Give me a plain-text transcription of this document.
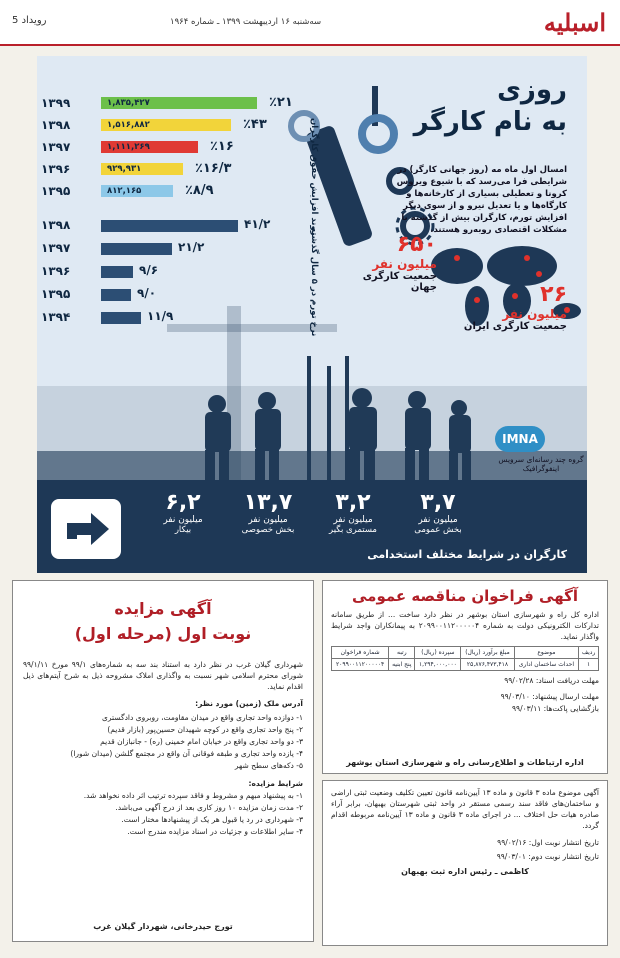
اسبلیه
سه‌شنبه ۱۶ اردیبهشت ۱۳۹۹ ـ شماره ۱۹۶۴
رویداد 5
روزی
به نام کارگر
امسال اول ماه مه (روز جهانی کارگر) در شرایطی فرا می‌رسد که با شیوع ویروس کرونا و تعطیلی بسیاری از کارخانه‌ها و کارگاه‌ها و یا تعدیل نیرو و از سوی دیگر افزایش تورم، کارگران بیش از گذشته با مشکلات اقتصادی روبه‌رو هستند.
۶۵۰
میلیون نفر
جمعیت کارگری جهان	۲۶
میلیون نفر
جمعیت کارگری ایران
روند افزایش حقوق کارگران
نرخ تورم در ۵ سال گذشته
۱۳۹۹	۱,۸۳۵,۴۲۷	٪۲۱
۱۳۹۸	۱,۵۱۶,۸۸۲	٪۴۳
۱۳۹۷	۱,۱۱۱,۲۶۹	٪۱۶
۱۳۹۶	۹۲۹,۹۳۱	٪۱۶/۳
۱۳۹۵	۸۱۲,۱۶۵	٪۸/۹
۱۳۹۸	۴۱/۲
۱۳۹۷	۲۱/۲
۱۳۹۶	۹/۶
۱۳۹۵	۹/۰
۱۳۹۴	۱۱/۹
IMNA
گروه چند رسانه‌ای سرویس اینفوگرافیک
۳,۷
میلیون نفر
بخش عمومی
۳,۲
میلیون نفر
مستمری بگیر
۱۳,۷
میلیون نفر
بخش خصوصی
۶,۲
میلیون نفر
بیکار
کارگران در شرایط مختلف استخدامی
آگهی فراخوان مناقصه عمومی
اداره کل راه و شهرسازی استان بوشهر در نظر دارد ساخت ... از طریق سامانه تدارکات الکترونیکی دولت به شماره ۲۰۹۹۰۰۱۱۲۰۰۰۰۰۴ به پیمانکاران واجد شرایط واگذار نماید.
ردیف	موضوع	مبلغ برآورد (ریال)	سپرده (ریال)	رتبه	شماره فراخوان
۱	احداث ساختمان اداری	۲۵,۸۷۶,۴۷۳,۴۱۸	۱,۲۹۴,۰۰۰,۰۰۰	پنج ابنیه	۲۰۹۹۰۰۱۱۲۰۰۰۰۰۴
مهلت دریافت اسناد: ۹۹/۰۲/۲۸
مهلت ارسال پیشنهاد: ۹۹/۰۳/۱۰
بازگشایی پاکت‌ها: ۹۹/۰۳/۱۱
اداره ارتباطات و اطلاع‌رسانی راه و شهرسازی استان بوشهر
آگهی مزایده
نوبت اول (مرحله اول)
شهرداری گیلان غرب در نظر دارد به استناد بند سه به شماره‌های ۹۹/۱ مورخ ۹۹/۱/۱۱ شورای محترم اسلامی شهر نسبت به واگذاری املاک مشروحه ذیل به شرح آیتم‌های ذیل اقدام نماید.
آدرس ملک (زمین) مورد نظر:
۱- دوازده واحد تجاری واقع در میدان مقاومت، روبروی دادگستری
۲- پنج واحد تجاری واقع در کوچه شهیدان حسین‌پور (بازار قدیم)
۳- دو واحد تجاری واقع در خیابان امام خمینی (ره) - جانبازان قدیم
۴- یازده واحد تجاری و طبقه فوقانی آن واقع در مجتمع گلشن (میدان شورا)
۵- دکه‌های سطح شهر
شرایط مزایده:
۱- به پیشنهاد مبهم و مشروط و فاقد سپرده ترتیب اثر داده نخواهد شد.
۲- مدت زمان مزایده ۱۰ روز کاری بعد از درج آگهی می‌باشد.
۳- شهرداری در رد یا قبول هر یک از پیشنهادها مختار است.
۴- سایر اطلاعات و جزئیات در اسناد مزایده مندرج است.
تورج حیدرخانی، شهردار گیلان غرب
آگهی موضوع ماده ۳ قانون و ماده ۱۳ آیین‌نامه قانون تعیین تکلیف وضعیت ثبتی اراضی و ساختمان‌های فاقد سند رسمی مستقر در واحد ثبتی شهرستان بهبهان، برابر آراء صادره هیات حل اختلاف ... در اجرای ماده ۳ قانون و ماده ۱۳ آیین‌نامه مربوطه اقدام گردد.
تاریخ انتشار نوبت اول: ۹۹/۰۲/۱۶
تاریخ انتشار نوبت دوم: ۹۹/۰۳/۰۱
کاظمی ـ رئیس اداره ثبت بهبهان
